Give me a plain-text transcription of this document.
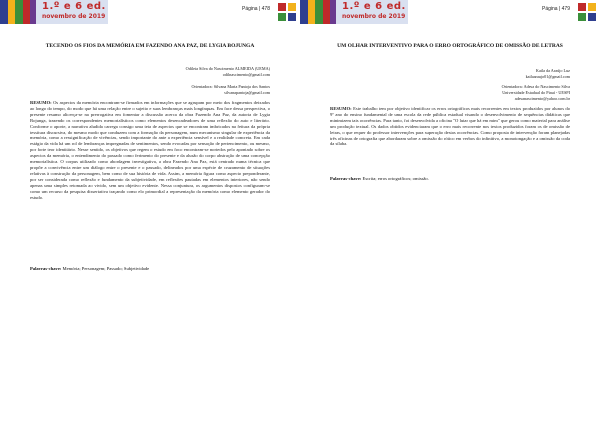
1.º e 6 ed.
novembro de 2019
Página | 478
TECENDO OS FIOS DA MEMÓRIA EM FAZENDO ANA PAZ, DE LYGIA BOJUNGA
Odileia Silva do Nascimento ALMEIDA (UEMA)
odilnascimento@gmail.com
Orientadora: Silvana Maria Pantoja dos Santos
silvanapantoja@gmail.com
RESUMO: Os aspectos da memória encontram-se firmados em informações que se agrupam por meio dos fragmentos deixados ao longo do tempo, do modo que há uma relação entre o sujeito e suas lembranças mais longínquas. Em face dessa perspectiva, o presente resumo alicerça-se na prerrogativa em fomentar a discussão acerca da obra Fazendo Ana Paz, da autoria de Lygia Bojunga, trazendo os correspondentes memorialísticos como elementos desencadeadores de uma reflexão do auto e literário. Conforme o aporte, a narrativa aludida carrega consigo uma teia de aspectos que se encontram imbricados na feitura da própria tessitura discursiva, do mesmo modo que conduzem com a formação da personagem, num mecanismo singular de experiência da memória, como a ressignificação de vivências, sendo importante do ante a experiência sensível e a realidade concreta. Em cada estágio da vida há um rol de lembranças impregnadas de sentimentos, sendo evocadas por sensação de pertencimento, ou mesmo, por forte teor identitário. Nesse sentido, os objetivos que regem o estudo em foco encontram-se nortedos pelo apontado sobre os aspectos da memória, o entendimento do passado como ferimento do presente e da alusão do corpo abstração de uma concepção memorialística. O corpus utilizado como abordagem investigativa, a obra Fazendo Ana Paz, está centrado numa técnica que propõe a convivência entre um diálogo entre o presente e o passado, delineados por uma espécie de cruzamento de situações relativas à construção da personagem, bem como de sua história de vida. Assim, a memória figura como aspecto preponderante, por ser considerada como reflexão e fundamento da subjetividade, em reflexões pautadas em elementos interiores, não sendo apenas uma simples retomada ao vivido, sem um objetivo evidente. Nessa conjuntura, os argumentos dispostos configuram-se como um recurso da pesquisa dissertativa traçando como elo primordial a representação da memória como elemento gerador do estudo.
Palavras-chave: Memória; Personagem; Passado; Subjetividade
1.º e 6 ed.
novembro de 2019
Página | 479
UM OLHAR INTERVENTIVO PARA O ERRO ORTOGRÁFICO DE OMISSÃO DE LETRAS
Kaila da Araújo Luz
kailaaraujo01@gmail.com
Orientadora: Adesa do Nascimento Silva
Universidade Estadual do Piauí - UESPI
adesanascimento@yahoo.com.br
RESUMO: Este trabalho tem por objetivo identificar os erros ortográficos mais recorrentes em textos produzidos por alunos do 9º ano do ensino fundamental de uma escola da rede pública estadual visando o desenvolvimento de sequências didáticas que minimizem tais ocorrências. Para tanto, foi desenvolvida a oficina "O lutar que há em mim" que gerou como material para análise um produção textual. Os dados obtidos evidenciaram que o erro mais recorrente nos textos produzidos foram os de omissão de letras, o que requer do professor intervenções para superação destas ocorrências. Como proposta de intervenção foram planejadas três oficinas de ortografia que abordaram sobre a omissão do rótico em verbos do infinitivo, a monotongação e a omissão da coda da sílaba.
Palavras-chave: Escrita; erros ortográficos; omissão.
